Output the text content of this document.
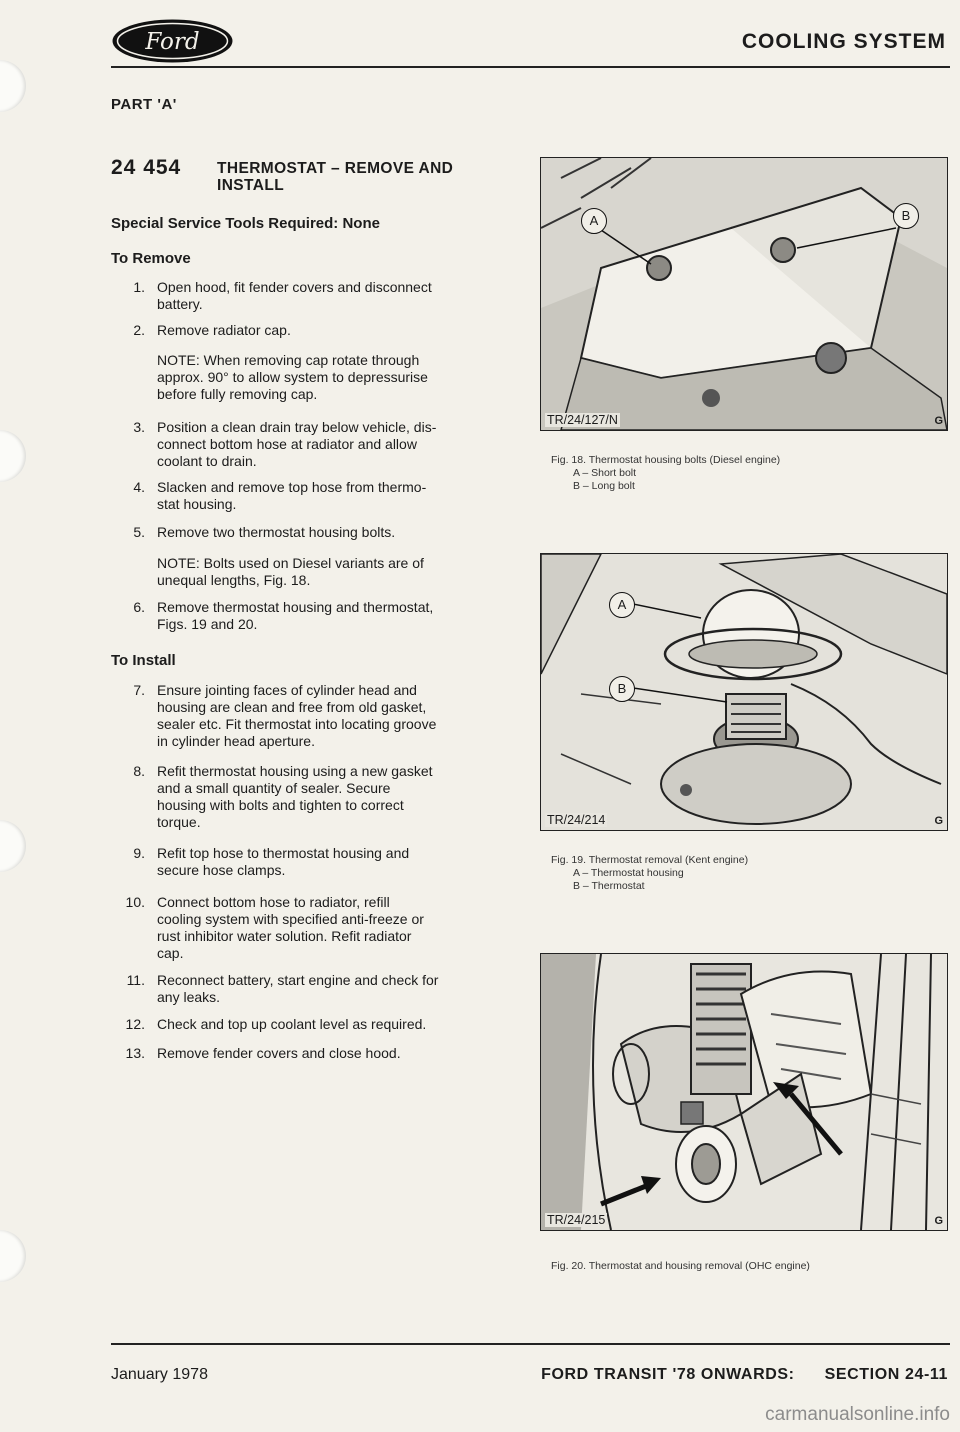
Ford	COOLING SYSTEM
PART 'A'
24 454 THERMOSTAT – REMOVE AND
INSTALL
Special Service Tools Required: None
To Remove
1. Open hood, fit fender covers and disconnect
battery.
2. Remove radiator cap.
NOTE: When removing cap rotate through
approx. 90° to allow system to depressurise
before fully removing cap.
3. Position a clean drain tray below vehicle, dis-
connect bottom hose at radiator and allow
coolant to drain.
4. Slacken and remove top hose from thermo-
stat housing.
5. Remove two thermostat housing bolts.
NOTE: Bolts used on Diesel variants are of
unequal lengths, Fig. 18.
6. Remove thermostat housing and thermostat,
Figs. 19 and 20.
To Install
7. Ensure jointing faces of cylinder head and
housing are clean and free from old gasket,
sealer etc. Fit thermostat into locating groove
in cylinder head aperture.
8. Refit thermostat housing using a new gasket
and a small quantity of sealer. Secure
housing with bolts and tighten to correct
torque.
9. Refit top hose to thermostat housing and
secure hose clamps.
10. Connect bottom hose to radiator, refill
cooling system with specified anti-freeze or
rust inhibitor water solution. Refit radiator
cap.
11. Reconnect battery, start engine and check for
any leaks.
12. Check and top up coolant level as required.
13. Remove fender covers and close hood.
A	B
TR/24/127/N	G
Fig. 18. Thermostat housing bolts (Diesel engine)
A – Short bolt
B – Long bolt
A
B
TR/24/214	G
Fig. 19. Thermostat removal (Kent engine)
A – Thermostat housing
B – Thermostat
TR/24/215	G
Fig. 20. Thermostat and housing removal (OHC engine)
January 1978	FORD TRANSIT '78 ONWARDS: SECTION 24-11
carmanualsonline.info
